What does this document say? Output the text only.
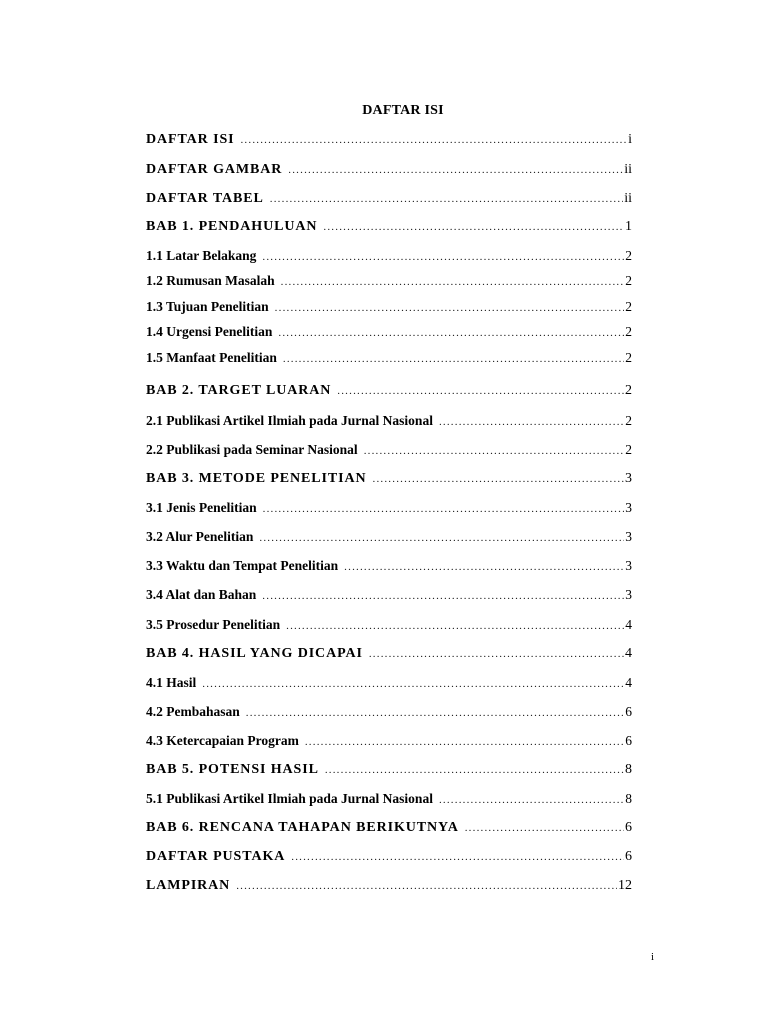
DAFTAR ISI
DAFTAR ISI .....	i
DAFTAR GAMBAR .....	ii
DAFTAR TABEL .....	ii
BAB 1. PENDAHULUAN .....	1
1.1 Latar Belakang .....	2
1.2 Rumusan Masalah .....	2
1.3 Tujuan Penelitian .....	2
1.4 Urgensi Penelitian .....	2
1.5 Manfaat Penelitian .....	2
BAB 2. TARGET LUARAN .....	2
2.1 Publikasi Artikel Ilmiah pada Jurnal Nasional .....	2
2.2 Publikasi pada Seminar Nasional .....	2
BAB 3. METODE PENELITIAN .....	3
3.1 Jenis Penelitian .....	3
3.2 Alur Penelitian .....	3
3.3 Waktu dan Tempat Penelitian .....	3
3.4 Alat dan Bahan .....	3
3.5 Prosedur Penelitian .....	4
BAB 4. HASIL YANG DICAPAI .....	4
4.1 Hasil .....	4
4.2 Pembahasan .....	6
4.3 Ketercapaian Program .....	6
BAB 5. POTENSI HASIL .....	8
5.1 Publikasi Artikel Ilmiah pada Jurnal Nasional .....	8
BAB 6. RENCANA TAHAPAN BERIKUTNYA .....	6
DAFTAR PUSTAKA .....	6
LAMPIRAN .....	12
i
